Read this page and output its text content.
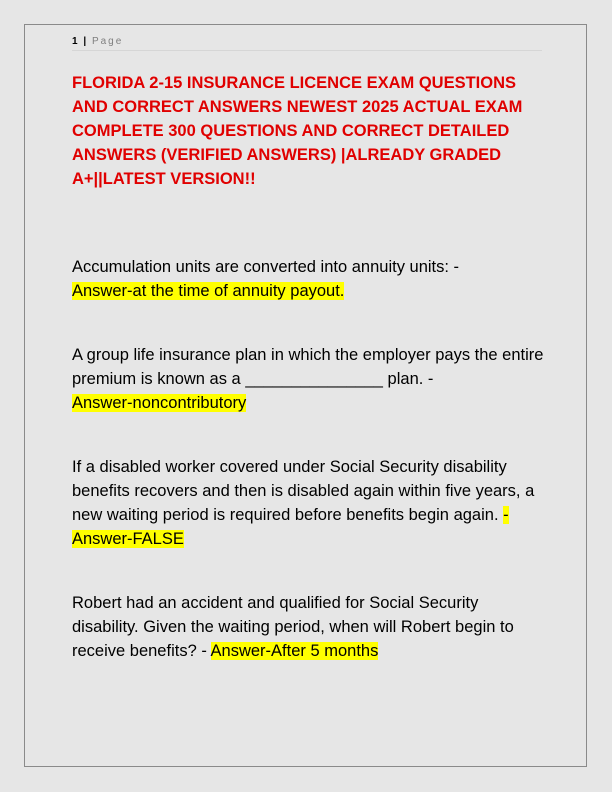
1 | Page
FLORIDA 2-15 INSURANCE LICENCE EXAM QUESTIONS AND CORRECT ANSWERS NEWEST 2025 ACTUAL EXAM COMPLETE 300 QUESTIONS AND CORRECT DETAILED ANSWERS (VERIFIED ANSWERS) |ALREADY GRADED A+||LATEST VERSION!!

Accumulation units are converted into annuity units: -
Answer-at the time of annuity payout.

A group life insurance plan in which the employer pays the entire premium is known as a _______________ plan. -
Answer-noncontributory

If a disabled worker covered under Social Security disability benefits recovers and then is disabled again within five years, a new waiting period is required before benefits begin again. - Answer-FALSE

Robert had an accident and qualified for Social Security disability. Given the waiting period, when will Robert begin to receive benefits? - Answer-After 5 months
